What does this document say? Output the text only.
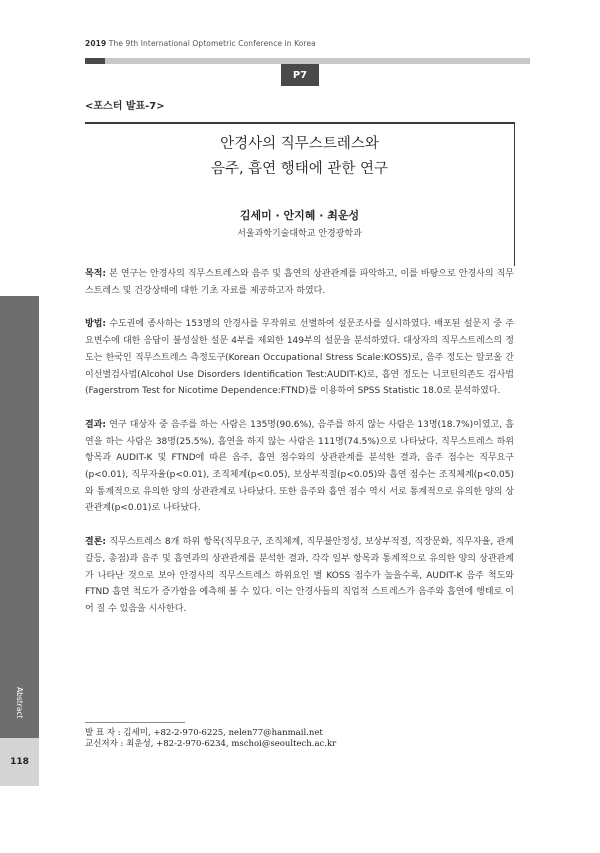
2019 The 9th International Optometric Conference in Korea
P7
<포스터 발표-7>
안경사의 직무스트레스와
음주, 흡연 행태에 관한 연구
김세미 · 안지혜 · 최운성
서울과학기술대학교 안경광학과

목적: 본 연구는 안경사의 직무스트레스와 음주 및 흡연의 상관관계를 파악하고, 이를 바탕으로 안경사의 직무스트레스 및 건강상태에 대한 기초 자료를 제공하고자 하였다.

방법: 수도권에 종사하는 153명의 안경사를 무작위로 선별하여 설문조사를 실시하였다. 배포된 설문지 중 주요변수에 대한 응답이 불성실한 설문 4부를 제외한 149부의 설문을 분석하였다. 대상자의 직무스트레스의 정도는 한국인 직무스트레스 측정도구(Korean Occupational Stress Scale:KOSS)로, 음주 정도는 알코올 간이선별검사법(Alcohol Use Disorders Identification Test:AUDIT-K)로, 흡연 정도는 니코틴의존도 검사법(Fagerstrom Test for Nicotime Dependence:FTND)를 이용하여 SPSS Statistic 18.0로 분석하였다.

결과: 연구 대상자 중 음주를 하는 사람은 135명(90.6%), 음주를 하지 않는 사람은 13명(18.7%)이였고, 흡연을 하는 사람은 38명(25.5%), 흡연을 하지 않는 사람은 111명(74.5%)으로 나타났다. 직무스트레스 하위 항목과 AUDIT-K 및 FTND에 따른 음주, 흡연 점수와의 상관관계를 분석한 결과, 음주 점수는 직무요구(p<0.01), 직무자율(p<0.01), 조직체계(p<0.05), 보상부적절(p<0.05)와 흡연 점수는 조직체계(p<0.05)와 통계적으로 유의한 양의 상관관계로 나타났다. 또한 음주와 흡연 점수 역시 서로 통계적으로 유의한 양의 상관관계(p<0.01)로 나타났다.

결론: 직무스트레스 8개 하위 항목(직무요구, 조직체계, 직무불안정성, 보상부적절, 직장문화, 직무자율, 관계갈등, 총점)과 음주 및 흡연과의 상관관계를 분석한 결과, 각각 일부 항목과 통계적으로 유의한 양의 상관관계가 나타난 것으로 보아 안경사의 직무스트레스 하위요인 별 KOSS 점수가 높을수록, AUDIT-K 음주 척도와 FTND 흡연 척도가 증가함을 예측해 볼 수 있다. 이는 안경사들의 직업적 스트레스가 음주와 흡연에 행태로 이어 질 수 있음을 시사한다.

Abstract
118
발 표 자 : 김세미, +82-2-970-6225, nelen77@hanmail.net
교신저자 : 최운성, +82-2-970-6234, mschoi@seoultech.ac.kr
